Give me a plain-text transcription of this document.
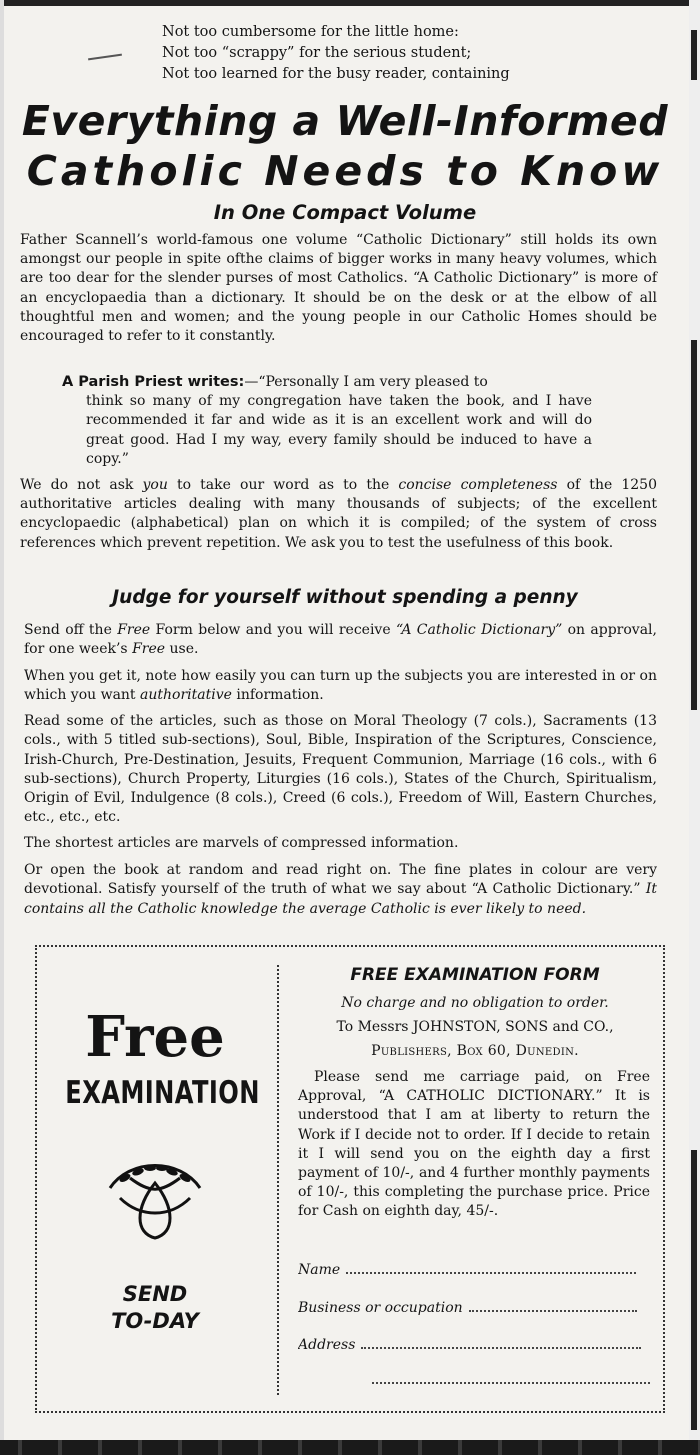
Not too cumbersome for the little home:
Not too “scrappy” for the serious student;
Not too learned for the busy reader, containing
Everything a Well-Informed
Catholic Needs to Know
In One Compact Volume
Father Scannell’s world-famous one volume “Catholic Dictionary” still holds its own amongst our people in spite ofthe claims of bigger works in many heavy volumes, which are too dear for the slender purses of most Catholics. “A Catholic Dictionary” is more of an encyclopaedia than a dictionary. It should be on the desk or at the elbow of all thoughtful men and women; and the young people in our Catholic Homes should be encouraged to refer to it constantly.
A Parish Priest writes:—“Personally I am very pleased to
think so many of my congregation have taken the book, and I have recommended it far and wide as it is an excellent work and will do great good. Had I my way, every family should be induced to have a copy.”
We do not ask you to take our word as to the concise completeness of the 1250 authoritative articles dealing with many thousands of subjects; of the excellent encyclopaedic (alphabetical) plan on which it is compiled; of the system of cross references which prevent repetition. We ask you to test the usefulness of this book.
Judge for yourself without spending a penny
Send off the Free Form below and you will receive “A Catholic Dictionary” on approval, for one week’s Free use.
When you get it, note how easily you can turn up the subjects you are interested in or on which you want authoritative information.
Read some of the articles, such as those on Moral Theology (7 cols.), Sacraments (13 cols., with 5 titled sub-sections), Soul, Bible, Inspiration of the Scriptures, Conscience, Irish-Church, Pre-Destination, Jesuits, Frequent Communion, Marriage (16 cols., with 6 sub-sections), Church Property, Liturgies (16 cols.), States of the Church, Spiritualism, Origin of Evil, Indulgence (8 cols.), Creed (6 cols.), Freedom of Will, Eastern Churches, etc., etc., etc.
The shortest articles are marvels of compressed information.
Or open the book at random and read right on. The fine plates in colour are very devotional. Satisfy yourself of the truth of what we say about “A Catholic Dictionary.” It contains all the Catholic knowledge the average Catholic is ever likely to need.
Free
EXAMINATION
SEND
TO-DAY
FREE EXAMINATION FORM
No charge and no obligation to order.
To Messrs JOHNSTON, SONS and CO.,
Publishers, Box 60, Dunedin.
Please send me carriage paid, on Free Approval, “A CATHOLIC DICTIONARY.” It is understood that I am at liberty to return the Work if I decide not to order. If I decide to retain it I will send you on the eighth day a first payment of 10/-, and 4 further monthly payments of 10/-, this completing the purchase price. Price for Cash on eighth day, 45/-.
Name
Business or occupation
Address
